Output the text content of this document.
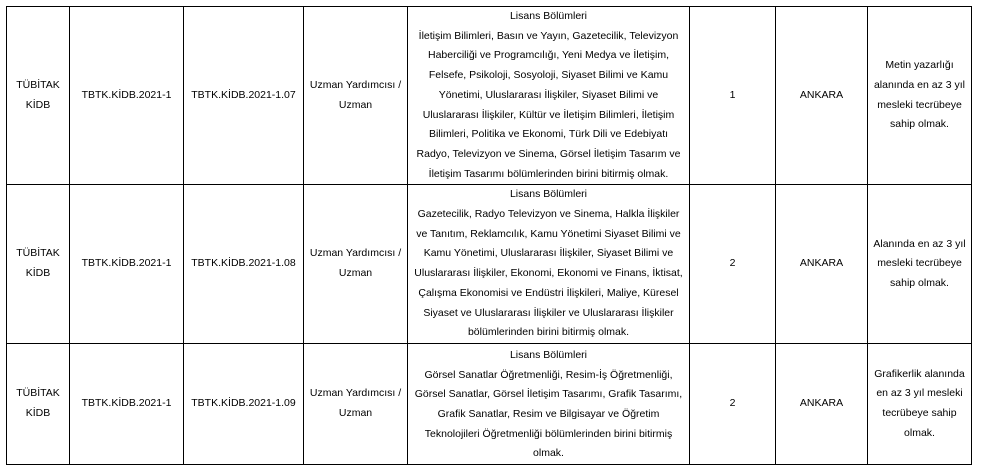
TÜBİTAK KİDB	TBTK.KİDB.2021-1	TBTK.KİDB.2021-1.07	Uzman Yardımcısı / Uzman	Lisans Bölümleri

İletişim Bilimleri, Basın ve Yayın, Gazetecilik, Televizyon Haberciliği ve Programcılığı, Yeni Medya ve İletişim, Felsefe, Psikoloji, Sosyoloji, Siyaset Bilimi ve Kamu Yönetimi, Uluslararası İlişkiler, Siyaset Bilimi ve Uluslararası İlişkiler, Kültür ve İletişim Bilimleri, İletişim Bilimleri, Politika ve Ekonomi, Türk Dili ve Edebiyatı Radyo, Televizyon ve Sinema, Görsel İletişim Tasarım ve İletişim Tasarımı bölümlerinden birini bitirmiş olmak.	1	ANKARA	Metin yazarlığı alanında en az 3 yıl mesleki tecrübeye sahip olmak.
TÜBİTAK KİDB	TBTK.KİDB.2021-1	TBTK.KİDB.2021-1.08	Uzman Yardımcısı / Uzman	Lisans Bölümleri

Gazetecilik, Radyo Televizyon ve Sinema, Halkla İlişkiler ve Tanıtım, Reklamcılık, Kamu Yönetimi Siyaset Bilimi ve Kamu Yönetimi, Uluslararası İlişkiler, Siyaset Bilimi ve Uluslararası İlişkiler, Ekonomi, Ekonomi ve Finans, İktisat, Çalışma Ekonomisi ve Endüstri İlişkileri, Maliye, Küresel Siyaset ve Uluslararası İlişkiler ve Uluslararası İlişkiler bölümlerinden birini bitirmiş olmak.	2	ANKARA	Alanında en az 3 yıl mesleki tecrübeye sahip olmak.
TÜBİTAK KİDB	TBTK.KİDB.2021-1	TBTK.KİDB.2021-1.09	Uzman Yardımcısı / Uzman	Lisans Bölümleri

Görsel Sanatlar Öğretmenliği, Resim-İş Öğretmenliği, Görsel Sanatlar, Görsel İletişim Tasarımı, Grafik Tasarımı, Grafik Sanatlar, Resim ve Bilgisayar ve Öğretim Teknolojileri Öğretmenliği bölümlerinden birini bitirmiş olmak.	2	ANKARA	Grafikerlik alanında en az 3 yıl mesleki tecrübeye sahip olmak.
